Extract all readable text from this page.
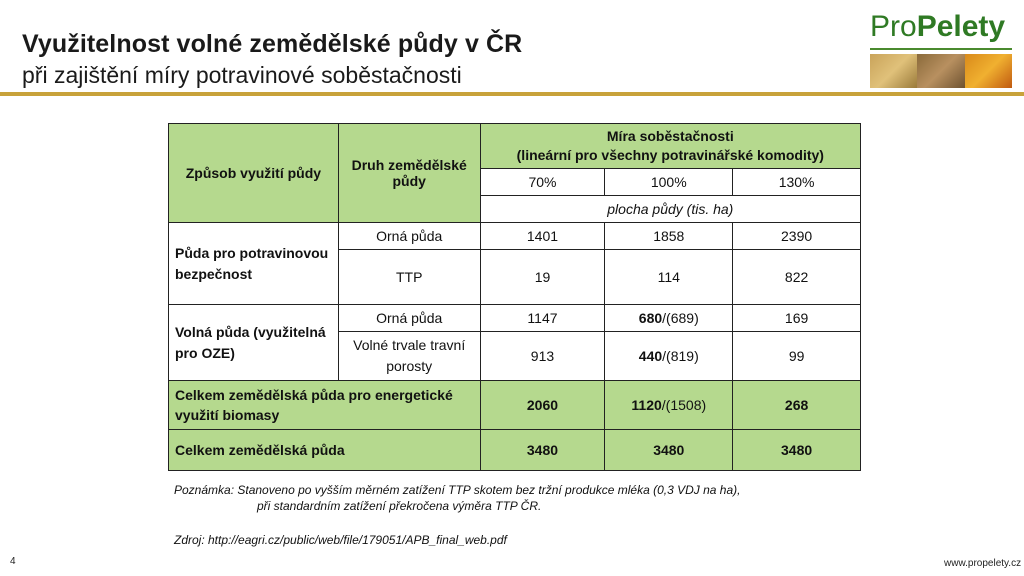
Využitelnost volné zemědělské půdy v ČR
při zajištění míry potravinové soběstačnosti
ProPelety
Způsob využití půdy	Druh zemědělské půdy	Míra soběstačnosti
(lineární pro všechny potravinářské komodity)		

		70%	100%	130%
		plocha půdy (tis. ha)		
Půda pro potravinovou bezpečnost	Orná půda	1401	1858	2390
	TTP	19	114	822
Volná půda (využitelná pro OZE)	Orná půda	1147	680/(689)	169
	Volné trvale travní porosty	913	440/(819)	99
Celkem zemědělská půda pro energetické využití biomasy		2060	1120/(1508)	268
Celkem zemědělská půda		3480	3480	3480
Poznámka: Stanoveno po vyšším měrném zatížení TTP skotem bez tržní produkce mléka (0,3 VDJ na ha),
při standardním zatížení překročena výměra TTP ČR.
Zdroj: http://eagri.cz/public/web/file/179051/APB_final_web.pdf
4	www.propelety.cz
